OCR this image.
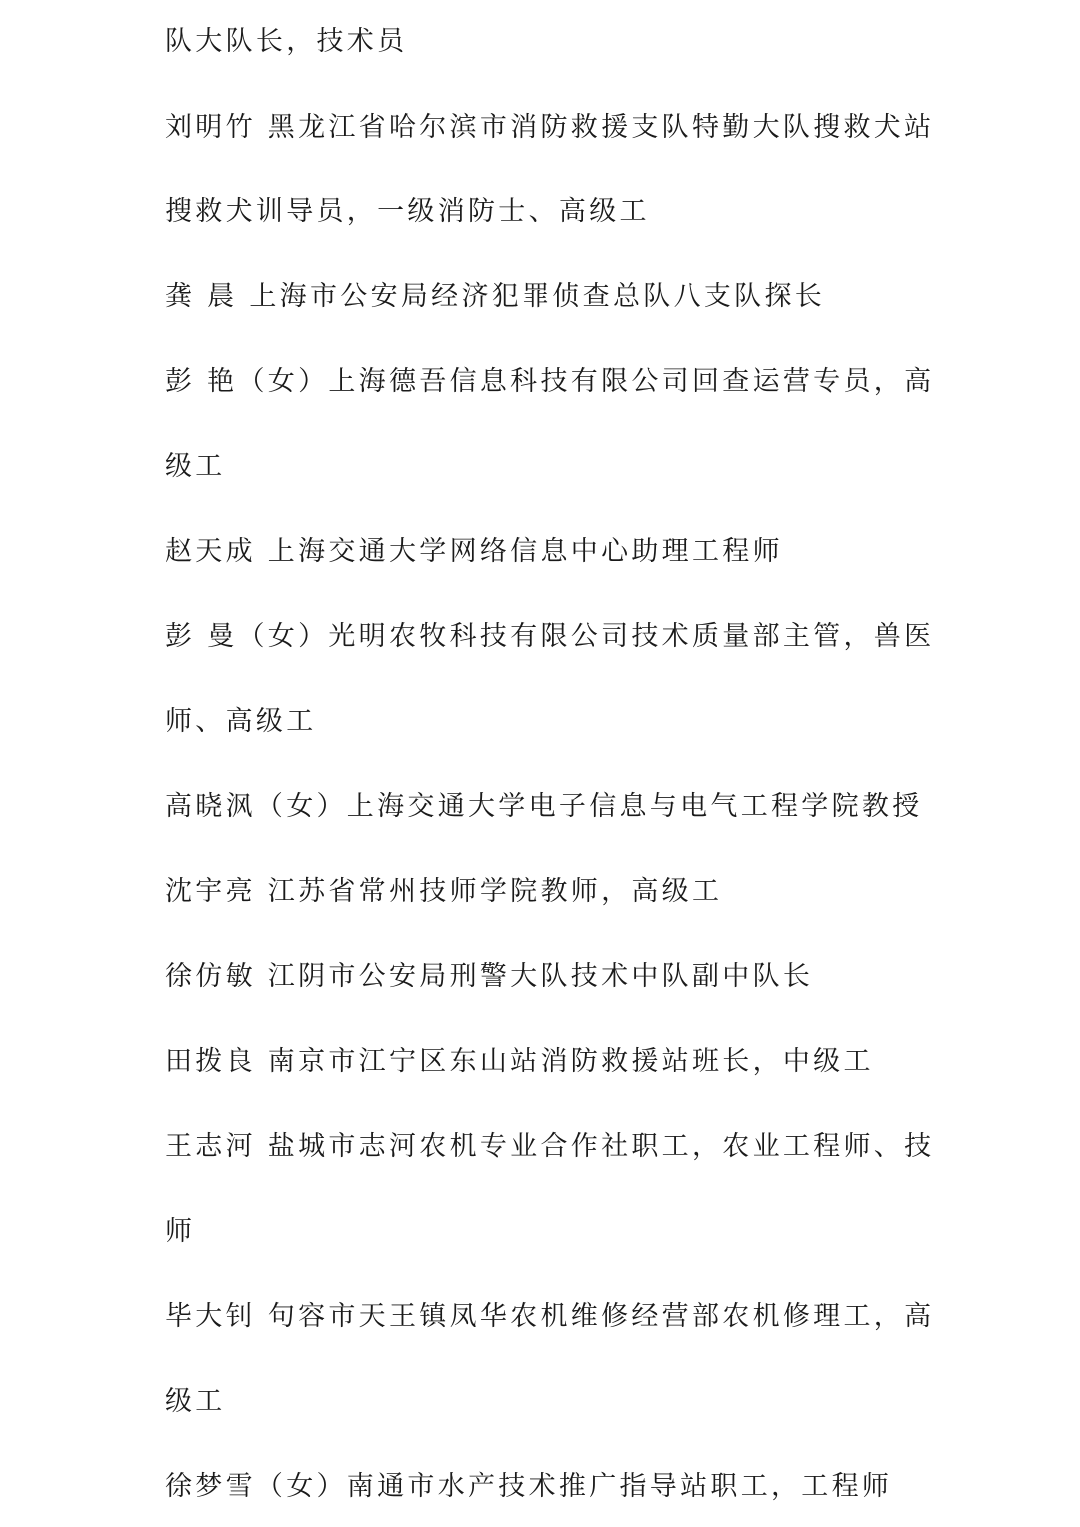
队大队长，技术员
刘明竹 黑龙江省哈尔滨市消防救援支队特勤大队搜救犬站
搜救犬训导员，一级消防士、高级工
龚 晨 上海市公安局经济犯罪侦查总队八支队探长
彭 艳（女）上海德吾信息科技有限公司回查运营专员，高
级工
赵天成 上海交通大学网络信息中心助理工程师
彭 曼（女）光明农牧科技有限公司技术质量部主管，兽医
师、高级工
高晓沨（女）上海交通大学电子信息与电气工程学院教授
沈宇亮 江苏省常州技师学院教师，高级工
徐仿敏 江阴市公安局刑警大队技术中队副中队长
田拨良 南京市江宁区东山站消防救援站班长，中级工
王志河 盐城市志河农机专业合作社职工，农业工程师、技
师
毕大钊 句容市天王镇凤华农机维修经营部农机修理工，高
级工
徐梦雪（女）南通市水产技术推广指导站职工，工程师
